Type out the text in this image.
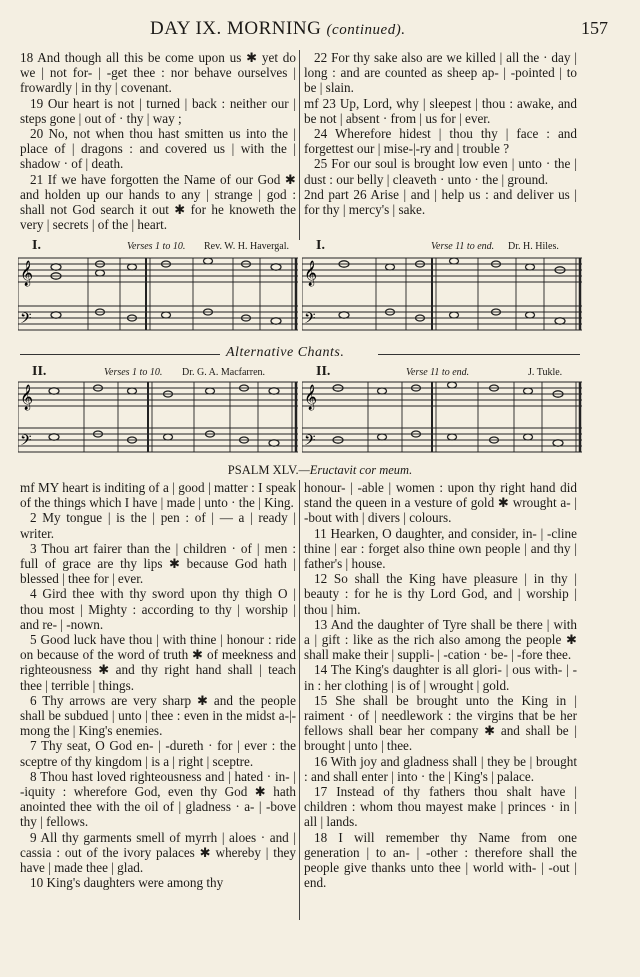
DAY IX. MORNING (continued).	157

18 And though all this be come upon us ✱ yet do we | not for- | -get thee : nor behave ourselves | frowardly | in thy | covenant.

19 Our heart is not | turned | back : neither our | steps gone | out of · thy | way ;

20 No, not when thou hast smitten us into the | place of | dragons : and covered us | with the | shadow · of | death.

21 If we have forgotten the Name of our God ✱ and holden up our hands to any | strange | god : shall not God search it out ✱ for he knoweth the very | secrets | of the | heart.

22 For thy sake also are we killed | all the · day | long : and are counted as sheep ap- | -pointed | to be | slain.

mf 23 Up, Lord, why | sleepest | thou : awake, and be not | absent · from | us for | ever.

24 Wherefore hidest | thou thy | face : and forgettest our | mise-|-ry and | trouble ?

25 For our soul is brought low even | unto · the | dust : our belly | cleaveth · unto · the | ground.

2nd part 26 Arise | and | help us : and deliver us | for thy | mercy's | sake.

I.	Verses 1 to 10. Rev. W. H. Havergal. I.	Verse 11 to end. Dr. H. Hiles.
𝄞
𝄢
𝄞
𝄢
Alternative Chants.
II.	Verses 1 to 10. Dr. G. A. Macfarren.	II.	Verse 11 to end.	J. Tukle.
𝄞
𝄢
𝄞
𝄢
PSALM XLV.—Eructavit cor meum.

mf MY heart is inditing of a | good | matter : I speak of the things which I have | made | unto · the | King.

2 My tongue | is the | pen : of | — a | ready | writer.

3 Thou art fairer than the | children · of | men : full of grace are thy lips ✱ because God hath | blessed | thee for | ever.

4 Gird thee with thy sword upon thy thigh O | thou most | Mighty : according to thy | worship | and re- | -nown.

5 Good luck have thou | with thine | honour : ride on because of the word of truth ✱ of meekness and righteousness ✱ and thy right hand shall | teach thee | terrible | things.

6 Thy arrows are very sharp ✱ and the people shall be subdued | unto | thee : even in the midst a-|-mong the | King's enemies.

7 Thy seat, O God en- | -dureth · for | ever : the sceptre of thy kingdom | is a | right | sceptre.

8 Thou hast loved righteousness and | hated · in- | -iquity : wherefore God, even thy God ✱ hath anointed thee with the oil of | gladness · a- | -bove thy | fellows.

9 All thy garments smell of myrrh | aloes · and | cassia : out of the ivory palaces ✱ whereby | they have | made thee | glad.

10 King's daughters were among thy

honour- | -able | women : upon thy right hand did stand the queen in a vesture of gold ✱ wrought a- | -bout with | divers | colours.

11 Hearken, O daughter, and consider, in- | -cline thine | ear : forget also thine own people | and thy | father's | house.

12 So shall the King have pleasure | in thy | beauty : for he is thy Lord God, and | worship | thou | him.

13 And the daughter of Tyre shall be there | with a | gift : like as the rich also among the people ✱ shall make their | suppli- | -cation · be- | -fore thee.

14 The King's daughter is all glori- | ous with- | -in : her clothing | is of | wrought | gold.

15 She shall be brought unto the King in | raiment · of | needlework : the virgins that be her fellows shall bear her company ✱ and shall be | brought | unto | thee.

16 With joy and gladness shall | they be | brought : and shall enter | into · the | King's | palace.

17 Instead of thy fathers thou shalt have | children : whom thou mayest make | princes · in | all | lands.

18 I will remember thy Name from one generation | to an- | -other : therefore shall the people give thanks unto thee | world with- | -out | end.
